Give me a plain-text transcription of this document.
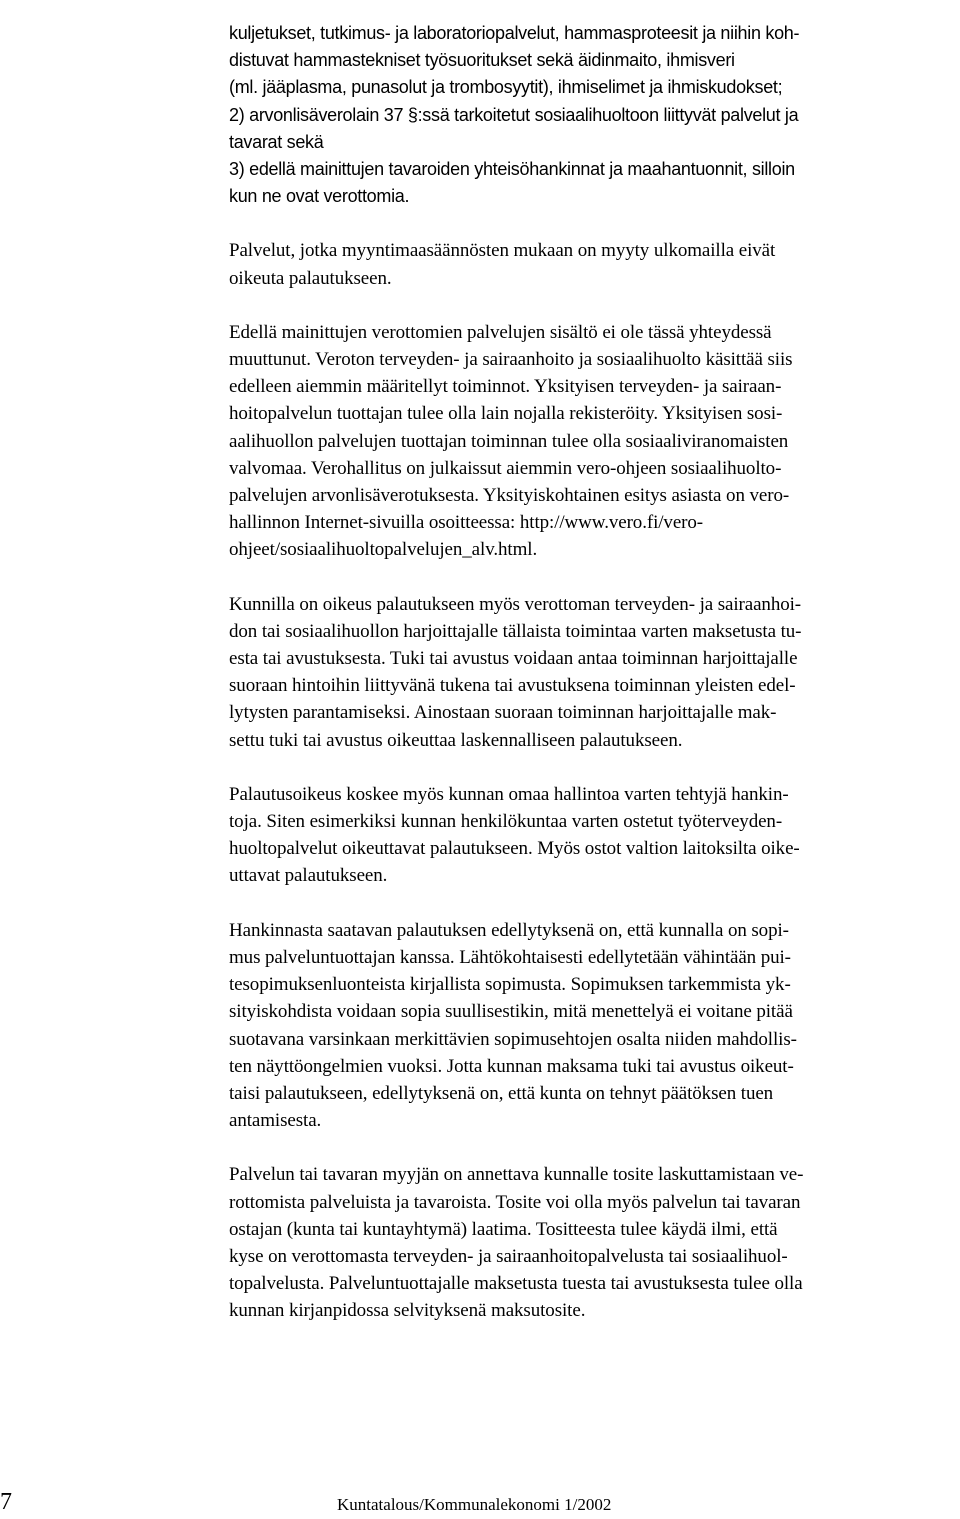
kuljetukset, tutkimus- ja laboratoriopalvelut, hammasproteesit ja niihin koh-
distuvat hammastekniset työsuoritukset sekä äidinmaito, ihmisveri
(ml. jääplasma, punasolut ja trombosyytit), ihmiselimet ja ihmiskudokset;
2) arvonlisäverolain 37 §:ssä tarkoitetut sosiaalihuoltoon liittyvät palvelut ja
tavarat sekä
3) edellä mainittujen tavaroiden yhteisöhankinnat ja maahantuonnit, silloin
kun ne ovat verottomia.

Palvelut, jotka myyntimaasäännösten mukaan on myyty ulkomailla eivät
oikeuta palautukseen.

Edellä mainittujen verottomien palvelujen sisältö ei ole tässä yhteydessä
muuttunut. Veroton terveyden- ja sairaanhoito ja sosiaalihuolto käsittää siis
edelleen aiemmin määritellyt toiminnot. Yksityisen terveyden- ja sairaan-
hoitopalvelun tuottajan tulee olla lain nojalla rekisteröity. Yksityisen sosi-
aalihuollon palvelujen tuottajan toiminnan tulee olla sosiaaliviranomaisten
valvomaa. Verohallitus on julkaissut aiemmin vero-ohjeen sosiaalihuolto-
palvelujen arvonlisäverotuksesta. Yksityiskohtainen esitys asiasta on vero-
hallinnon Internet-sivuilla osoitteessa: http://www.vero.fi/vero-
ohjeet/sosiaalihuoltopalvelujen_alv.html.

Kunnilla on oikeus palautukseen myös verottoman terveyden- ja sairaanhoi-
don tai sosiaalihuollon harjoittajalle tällaista toimintaa varten maksetusta tu-
esta tai avustuksesta. Tuki tai avustus voidaan antaa toiminnan harjoittajalle
suoraan hintoihin liittyvänä tukena tai avustuksena toiminnan yleisten edel-
lytysten parantamiseksi. Ainostaan suoraan toiminnan harjoittajalle mak-
settu tuki tai avustus oikeuttaa laskennalliseen palautukseen.

Palautusoikeus koskee myös kunnan omaa hallintoa varten tehtyjä hankin-
toja. Siten esimerkiksi kunnan henkilökuntaa varten ostetut työterveyden-
huoltopalvelut oikeuttavat palautukseen. Myös ostot valtion laitoksilta oike-
uttavat palautukseen.

Hankinnasta saatavan palautuksen edellytyksenä on, että kunnalla on sopi-
mus palveluntuottajan kanssa. Lähtökohtaisesti edellytetään vähintään pui-
tesopimuksenluonteista kirjallista sopimusta. Sopimuksen tarkemmista yk-
sityiskohdista voidaan sopia suullisestikin, mitä menettelyä ei voitane pitää
suotavana varsinkaan merkittävien sopimusehtojen osalta niiden mahdollis-
ten näyttöongelmien vuoksi. Jotta kunnan maksama tuki tai avustus oikeut-
taisi palautukseen, edellytyksenä on, että kunta on tehnyt päätöksen tuen
antamisesta.

Palvelun tai tavaran myyjän on annettava kunnalle tosite laskuttamistaan ve-
rottomista palveluista ja tavaroista. Tosite voi olla myös palvelun tai tavaran
ostajan (kunta tai kuntayhtymä) laatima. Tositteesta tulee käydä ilmi, että
kyse on verottomasta terveyden- ja sairaanhoitopalvelusta tai sosiaalihuol-
topalvelusta. Palveluntuottajalle maksetusta tuesta tai avustuksesta tulee olla
kunnan kirjanpidossa selvityksenä maksutosite.

7	Kuntatalous/Kommunalekonomi 1/2002
